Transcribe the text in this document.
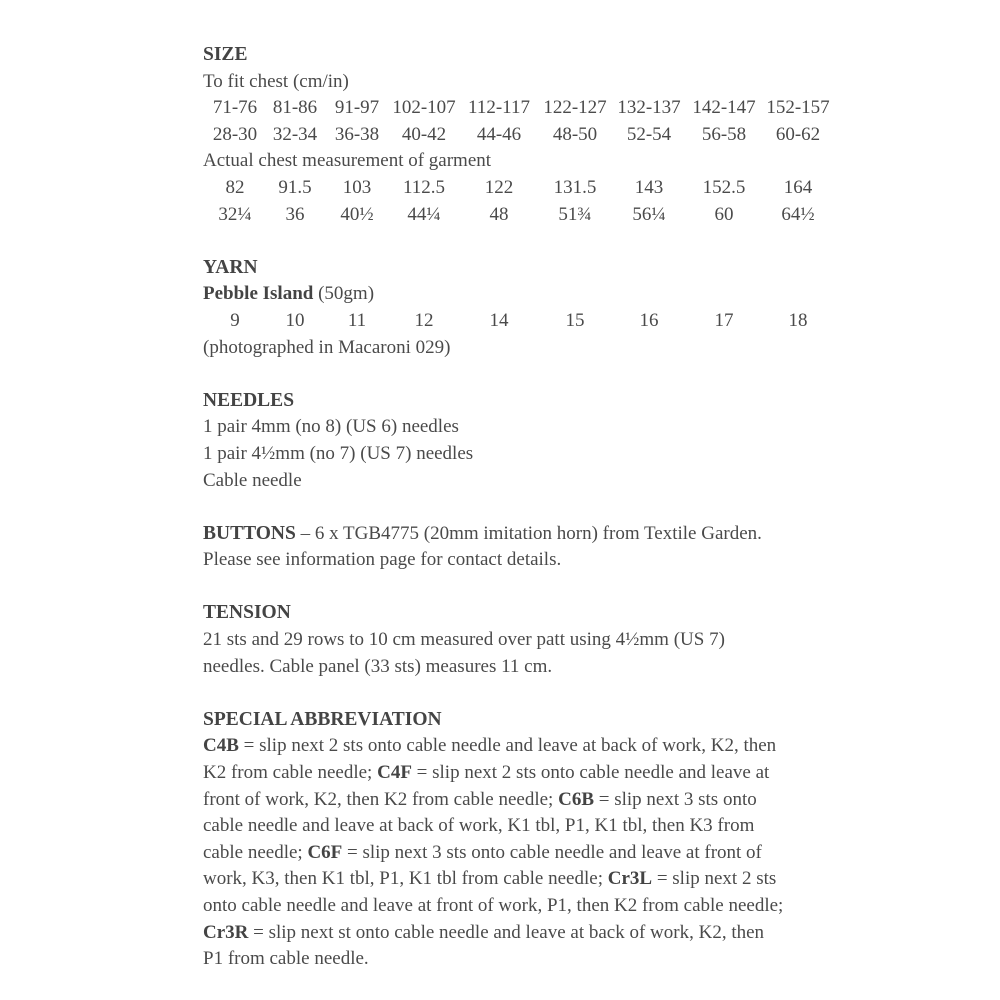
SIZE
To fit chest (cm/in)
71-76 81-86 91-97 102-107 112-117 122-127 132-137 142-147 152-157
28-30 32-34 36-38	40-42	44-46	48-50	52-54	56-58	60-62
Actual chest measurement of garment
82	91.5	103	112.5	122	131.5	143	152.5	164
32¼	36	40½	44¼	48	51¾	56¼	60	64½
YARN
Pebble Island (50gm)
9	10	11	12	14	15	16	17	18
(photographed in Macaroni 029)
NEEDLES
1 pair 4mm (no 8) (US 6) needles
1 pair 4½mm (no 7) (US 7) needles
Cable needle
BUTTONS – 6 x TGB4775 (20mm imitation horn) from Textile Garden.
Please see information page for contact details.
TENSION
21 sts and 29 rows to 10 cm measured over patt using 4½mm (US 7)
needles. Cable panel (33 sts) measures 11 cm.
SPECIAL ABBREVIATION
C4B = slip next 2 sts onto cable needle and leave at back of work, K2, then
K2 from cable needle; C4F = slip next 2 sts onto cable needle and leave at
front of work, K2, then K2 from cable needle; C6B = slip next 3 sts onto
cable needle and leave at back of work, K1 tbl, P1, K1 tbl, then K3 from
cable needle; C6F = slip next 3 sts onto cable needle and leave at front of
work, K3, then K1 tbl, P1, K1 tbl from cable needle; Cr3L = slip next 2 sts
onto cable needle and leave at front of work, P1, then K2 from cable needle;
Cr3R = slip next st onto cable needle and leave at back of work, K2, then
P1 from cable needle.
